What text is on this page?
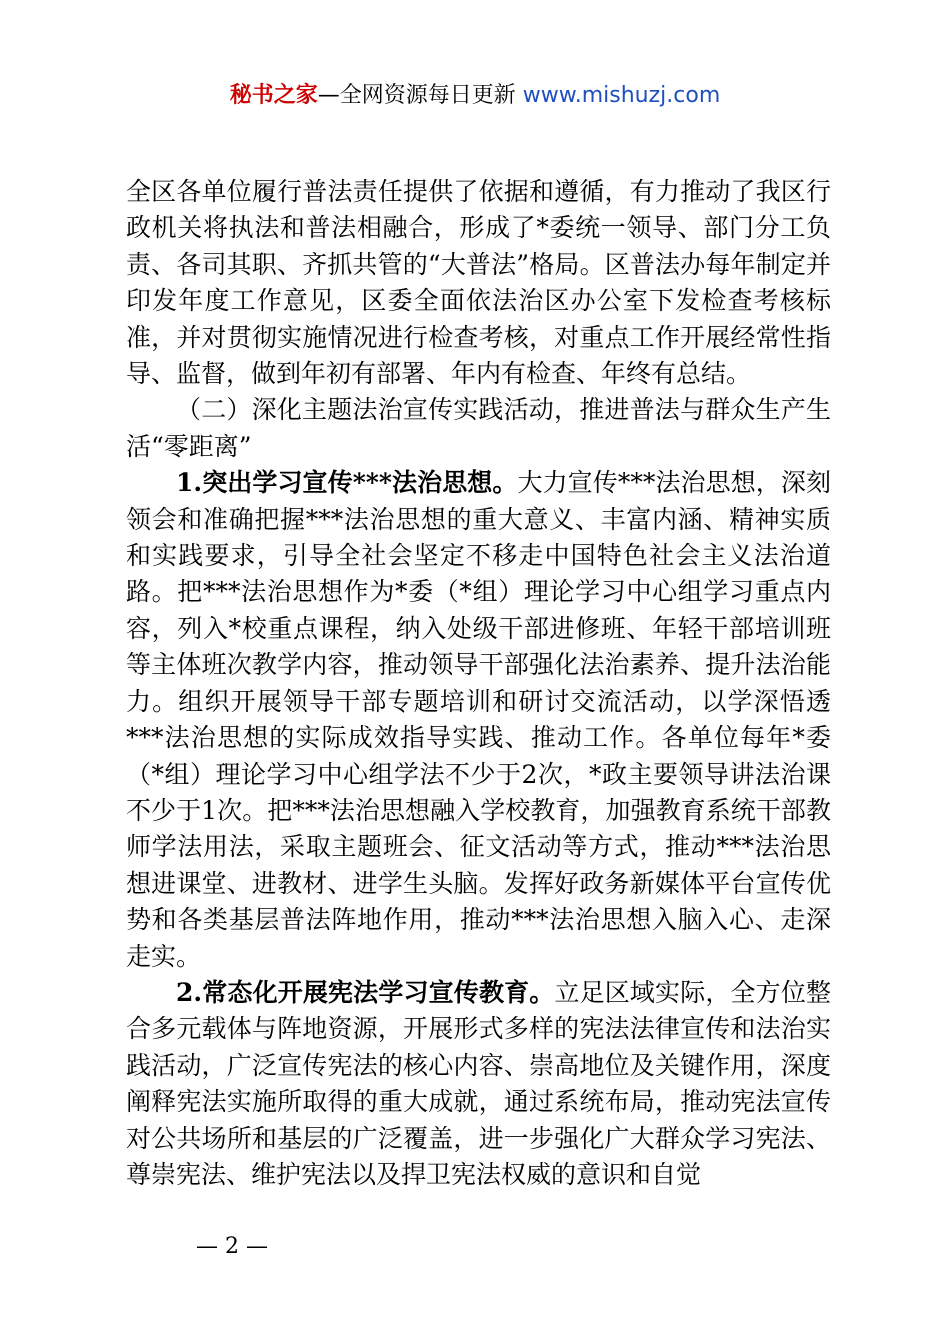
秘书之家—全网资源每日更新 www.mishuzj.com

全区各单位履行普法责任提供了依据和遵循，有力推动了我区行政机关将执法和普法相融合，形成了*委统一领导、部门分工负责、各司其职、齐抓共管的“大普法”格局。区普法办每年制定并印发年度工作意见，区委全面依法治区办公室下发检查考核标准，并对贯彻实施情况进行检查考核，对重点工作开展经常性指导、监督，做到年初有部署、年内有检查、年终有总结。

（二）深化主题法治宣传实践活动，推进普法与群众生产生活“零距离”

1.突出学习宣传***法治思想。大力宣传***法治思想，深刻领会和准确把握***法治思想的重大意义、丰富内涵、精神实质和实践要求，引导全社会坚定不移走中国特色社会主义法治道路。把***法治思想作为*委（*组）理论学习中心组学习重点内容，列入*校重点课程，纳入处级干部进修班、年轻干部培训班等主体班次教学内容，推动领导干部强化法治素养、提升法治能力。组织开展领导干部专题培训和研讨交流活动，以学深悟透***法治思想的实际成效指导实践、推动工作。各单位每年*委（*组）理论学习中心组学法不少于2次，*政主要领导讲法治课不少于1次。把***法治思想融入学校教育，加强教育系统干部教师学法用法，采取主题班会、征文活动等方式，推动***法治思想进课堂、进教材、进学生头脑。发挥好政务新媒体平台宣传优势和各类基层普法阵地作用，推动***法治思想入脑入心、走深走实。

2.常态化开展宪法学习宣传教育。立足区域实际，全方位整合多元载体与阵地资源，开展形式多样的宪法法律宣传和法治实践活动，广泛宣传宪法的核心内容、崇高地位及关键作用，深度阐释宪法实施所取得的重大成就，通过系统布局，推动宪法宣传对公共场所和基层的广泛覆盖，进一步强化广大群众学习宪法、尊崇宪法、维护宪法以及捍卫宪法权威的意识和自觉

— 2 —
